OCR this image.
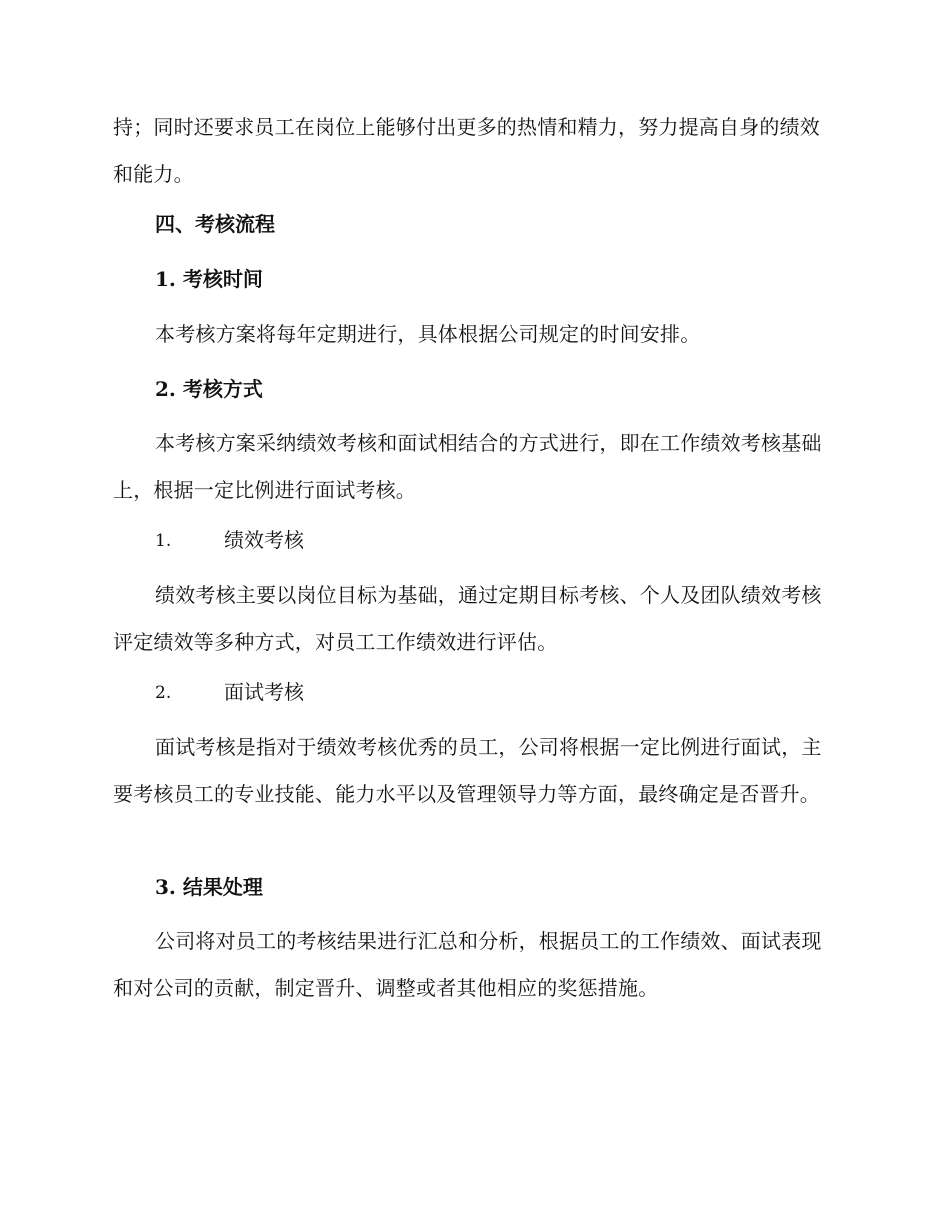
持；同时还要求员工在岗位上能够付出更多的热情和精力，努力提高自身的绩效和能力。
四、考核流程
1. 考核时间
本考核方案将每年定期进行，具体根据公司规定的时间安排。
2. 考核方式
本考核方案采纳绩效考核和面试相结合的方式进行，即在工作绩效考核基础上，根据一定比例进行面试考核。
1.	绩效考核
绩效考核主要以岗位目标为基础，通过定期目标考核、个人及团队绩效考核评定绩效等多种方式，对员工工作绩效进行评估。
2.	面试考核
面试考核是指对于绩效考核优秀的员工，公司将根据一定比例进行面试，主要考核员工的专业技能、能力水平以及管理领导力等方面，最终确定是否晋升。
3. 结果处理
公司将对员工的考核结果进行汇总和分析，根据员工的工作绩效、面试表现和对公司的贡献，制定晋升、调整或者其他相应的奖惩措施。
